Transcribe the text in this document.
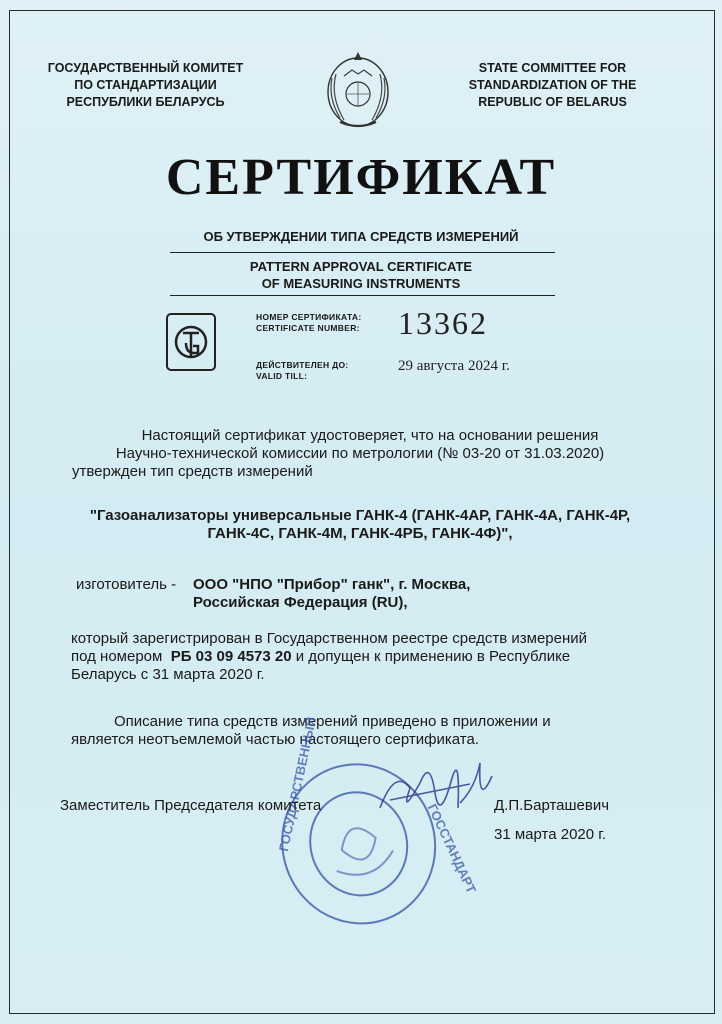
ГОСУДАРСТВЕННЫЙ КОМИТЕТ
ПО СТАНДАРТИЗАЦИИ
РЕСПУБЛИКИ БЕЛАРУСЬ
STATE COMMITTEE FOR
STANDARDIZATION OF THE
REPUBLIC OF BELARUS
СЕРТИФИКАТ
ОБ УТВЕРЖДЕНИИ ТИПА СРЕДСТВ ИЗМЕРЕНИЙ
PATTERN APPROVAL CERTIFICATE
OF MEASURING INSTRUMENTS
НОМЕР СЕРТИФИКАТА:
CERTIFICATE NUMBER: 13362
ДЕЙСТВИТЕЛЕН ДО:
VALID TILL:
29 августа 2024 г.
Настоящий сертификат удостоверяет, что на основании решения
Научно-технической комиссии по метрологии (№ 03-20 от 31.03.2020)
утвержден тип средств измерений
"Газоанализаторы универсальные ГАНК-4 (ГАНК-4АР, ГАНК-4А, ГАНК-4Р,
ГАНК-4С, ГАНК-4М, ГАНК-4РБ, ГАНК-4Ф)",
изготовитель - ООО "НПО "Прибор" ганк", г. Москва,
Российская Федерация (RU),
который зарегистрирован в Государственном реестре средств измерений
под номером РБ 03 09 4573 20 и допущен к применению в Республике
Беларусь с 31 марта 2020 г.
Описание типа средств измерений приведено в приложении и
является неотъемлемой частью настоящего сертификата.
ГОСУДАРСТВЕННЫЙ	ГОССТАНДАРТ
Заместитель Председателя комитета	Д.П.Барташевич
31 марта 2020 г.
